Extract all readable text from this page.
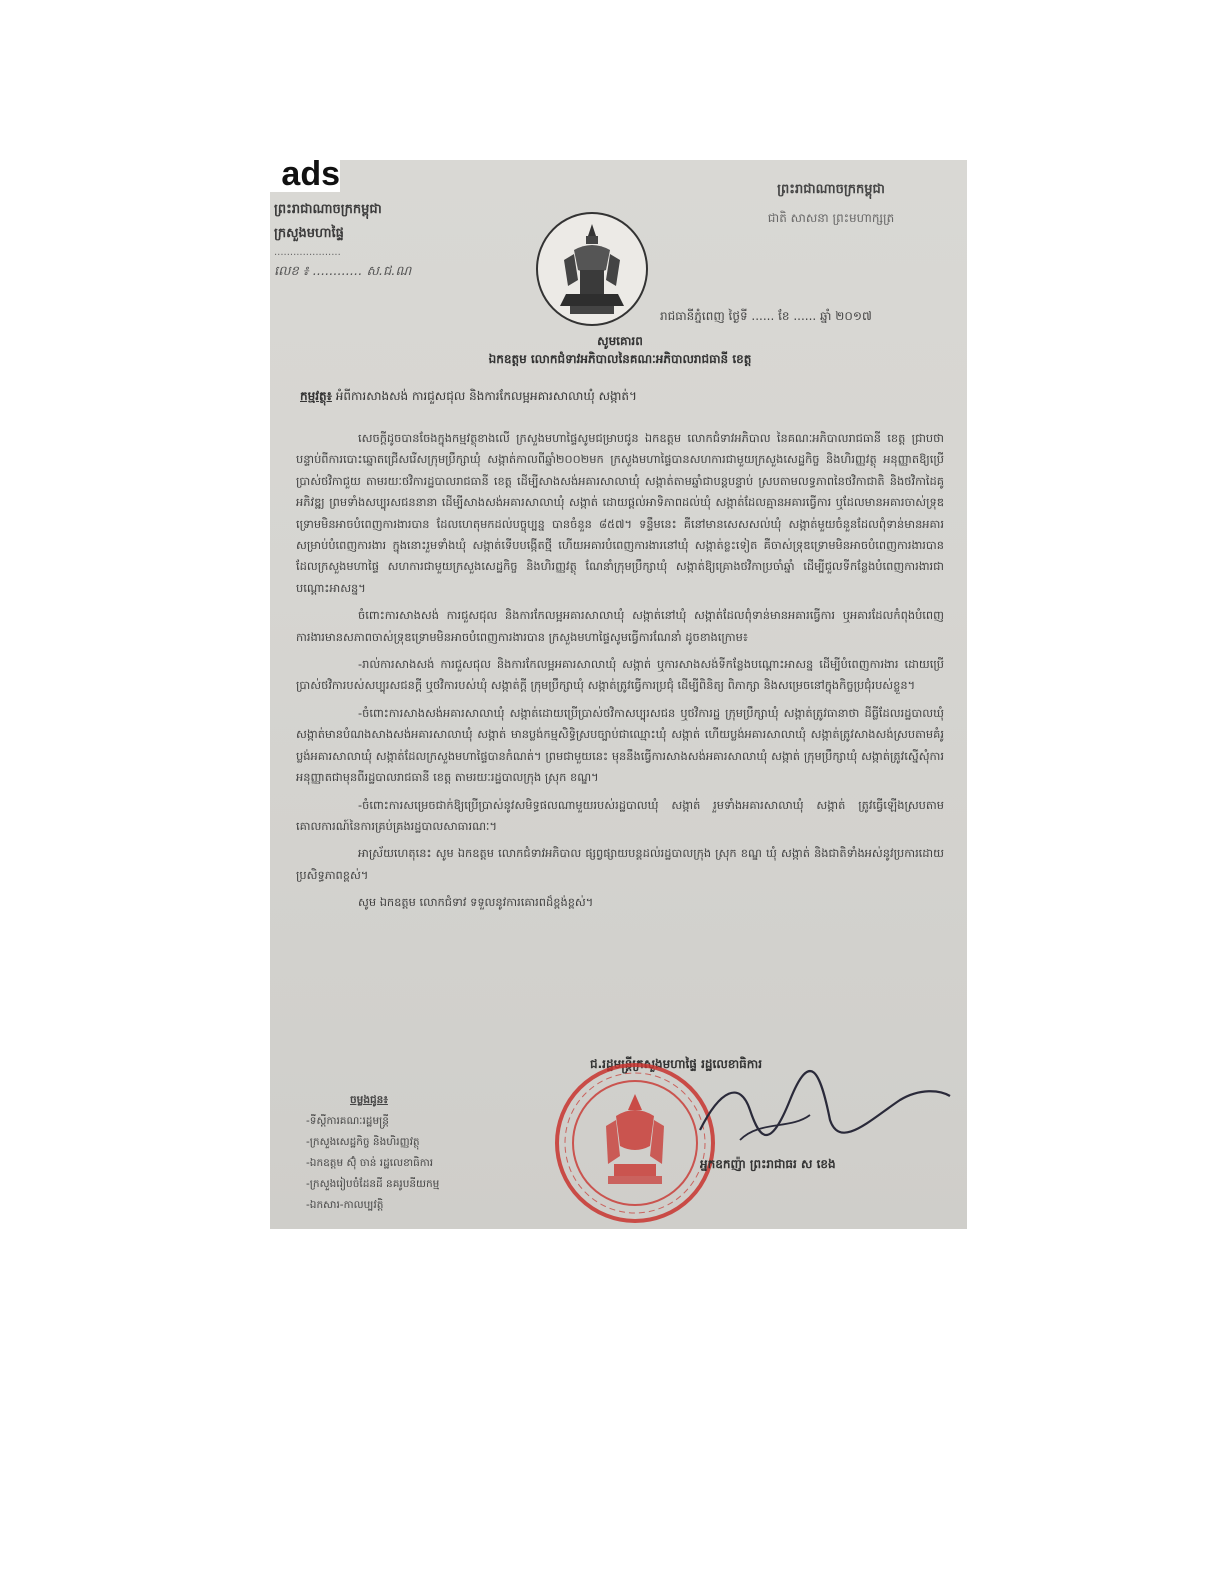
ads
ព្រះរាជាណាចក្រកម្ពុជា
ក្រសួងមហាផ្ទៃ
.....................
លេខ ៖ ............ ស.ជ.ណ
ព្រះរាជាណាចក្រកម្ពុជា
ជាតិ សាសនា ព្រះមហាក្សត្រ
រាជធានីភ្នំពេញ ថ្ងៃទី ...... ខែ ...... ឆ្នាំ ២០១៧
សូមគោរព
ឯកឧត្តម លោកជំទាវអភិបាលនៃគណៈអភិបាលរាជធានី ខេត្ត
កម្មវត្ថុ៖ អំពីការសាងសង់ ការជួសជុល និងការកែលម្អអគារសាលាឃុំ សង្កាត់។

សេចក្តីដូចបានចែងក្នុងកម្មវត្ថុខាងលើ ក្រសួងមហាផ្ទៃសូមជម្រាបជូន ឯកឧត្តម លោកជំទាវអភិបាល នៃគណៈអភិបាលរាជធានី ខេត្ត ជ្រាបថា បន្ទាប់ពីការបោះឆ្នោតជ្រើសរើសក្រុមប្រឹក្សាឃុំ សង្កាត់កាលពីឆ្នាំ២០០២មក ក្រសួងមហាផ្ទៃបានសហការជាមួយក្រសួងសេដ្ឋកិច្ច និងហិរញ្ញវត្ថុ អនុញ្ញាតឱ្យប្រើប្រាស់ថវិកាជួយ តាមរយៈថវិការដ្ឋបាលរាជធានី ខេត្ត ដើម្បីសាងសង់អគារសាលាឃុំ សង្កាត់តាមឆ្នាំជាបន្តបន្ទាប់ ស្របតាមលទ្ធភាពនៃថវិកាជាតិ និងថវិកាដៃគូអភិវឌ្ឍ ព្រមទាំងសប្បុរសជននានា ដើម្បីសាងសង់អគារសាលាឃុំ សង្កាត់ ដោយផ្តល់អាទិភាពដល់ឃុំ សង្កាត់ដែលគ្មានអគារធ្វើការ ឬដែលមានអគារចាស់ទ្រុឌទ្រោមមិនអាចបំពេញការងារបាន ដែលហេតុមកដល់បច្ចុប្បន្ន បានចំនួន ៨៥៧។ ទន្ទឹមនេះ គឺនៅមានសេសសល់ឃុំ សង្កាត់មួយចំនួនដែលពុំទាន់មានអគារសម្រាប់បំពេញការងារ ក្នុងនោះរួមទាំងឃុំ សង្កាត់ទើបបង្កើតថ្មី ហើយអគារបំពេញការងារនៅឃុំ សង្កាត់ខ្លះទៀត គឺចាស់ទ្រុឌទ្រោមមិនអាចបំពេញការងារបាន ដែលក្រសួងមហាផ្ទៃ សហការជាមួយក្រសួងសេដ្ឋកិច្ច និងហិរញ្ញវត្ថុ ណែនាំក្រុមប្រឹក្សាឃុំ សង្កាត់ឱ្យគ្រោងថវិកាប្រចាំឆ្នាំ ដើម្បីជួលទីកន្លែងបំពេញការងារជាបណ្តោះអាសន្ន។

ចំពោះការសាងសង់ ការជួសជុល និងការកែលម្អអគារសាលាឃុំ សង្កាត់នៅឃុំ សង្កាត់ដែលពុំទាន់មានអគារធ្វើការ ឬអគារដែលកំពុងបំពេញការងារមានសភាពចាស់ទ្រុឌទ្រោមមិនអាចបំពេញការងារបាន ក្រសួងមហាផ្ទៃសូមធ្វើការណែនាំ ដូចខាងក្រោម៖

-រាល់ការសាងសង់ ការជួសជុល និងការកែលម្អអគារសាលាឃុំ សង្កាត់ ឬការសាងសង់ទីកន្លែងបណ្តោះអាសន្ន ដើម្បីបំពេញការងារ ដោយប្រើប្រាស់ថវិការបស់សប្បុរសជនក្តី ឬថវិការបស់ឃុំ សង្កាត់ក្តី ក្រុមប្រឹក្សាឃុំ សង្កាត់ត្រូវធ្វើការប្រជុំ ដើម្បីពិនិត្យ ពិភាក្សា និងសម្រេចនៅក្នុងកិច្ចប្រជុំរបស់ខ្លួន។

-ចំពោះការសាងសង់អគារសាលាឃុំ សង្កាត់ដោយប្រើប្រាស់ថវិកាសប្បុរសជន ឬថវិការដ្ឋ ក្រុមប្រឹក្សាឃុំ សង្កាត់ត្រូវធានាថា ដីធ្លីដែលរដ្ឋបាលឃុំ សង្កាត់មានបំណងសាងសង់អគារសាលាឃុំ សង្កាត់ មានប្លង់កម្មសិទ្ធិស្របច្បាប់ជាឈ្មោះឃុំ សង្កាត់ ហើយប្លង់អគារសាលាឃុំ សង្កាត់ត្រូវសាងសង់ស្របតាមគំរូប្លង់អគារសាលាឃុំ សង្កាត់ដែលក្រសួងមហាផ្ទៃបានកំណត់។ ព្រមជាមួយនេះ មុននឹងធ្វើការសាងសង់អគារសាលាឃុំ សង្កាត់ ក្រុមប្រឹក្សាឃុំ សង្កាត់ត្រូវស្នើសុំការអនុញ្ញាតជាមុនពីរដ្ឋបាលរាជធានី ខេត្ត តាមរយៈរដ្ឋបាលក្រុង ស្រុក ខណ្ឌ។

-ចំពោះការសម្រេចជាក់ឱ្យប្រើប្រាស់នូវសមិទ្ធផលណាមួយរបស់រដ្ឋបាលឃុំ សង្កាត់ រួមទាំងអគារសាលាឃុំ សង្កាត់ ត្រូវធ្វើឡើងស្របតាមគោលការណ៍នៃការគ្រប់គ្រងរដ្ឋបាលសាធារណៈ។

អាស្រ័យហេតុនេះ សូម ឯកឧត្តម លោកជំទាវអភិបាល ផ្សព្វផ្សាយបន្តដល់រដ្ឋបាលក្រុង ស្រុក ខណ្ឌ ឃុំ សង្កាត់ និងជាតិទាំងអស់នូវប្រការដោយប្រសិទ្ធភាពខ្ពស់។

សូម ឯកឧត្តម លោកជំទាវ ទទួលនូវការគោរពដ៏ខ្ពង់ខ្ពស់។

ជ.រដ្ឋមន្ត្រីក្រសួងមហាផ្ទៃ រដ្ឋលេខាធិការ
អ្នកឧកញ៉ា ព្រះរាជាធរ ស ខេង
ចម្លងជូន៖
-ទីស្តីការគណៈរដ្ឋមន្ត្រី
-ក្រសួងសេដ្ឋកិច្ច និងហិរញ្ញវត្ថុ
-ឯកឧត្តម ស៊ុំ ចាន់ រដ្ឋលេខាធិការ
-ក្រសួងរៀបចំដែនដី នគរូបនីយកម្ម
-ឯកសារ-កាលប្បវត្តិ
